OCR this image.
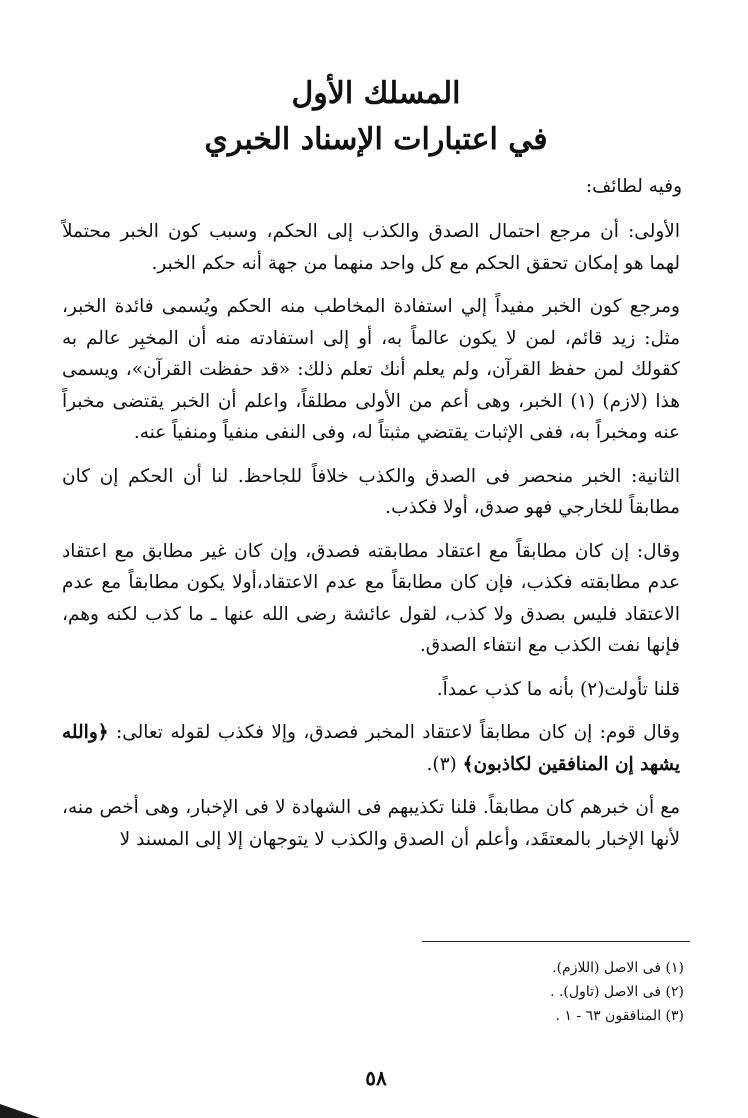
المسلك الأول
في اعتبارات الإسناد الخبري

وفيه لطائف:

الأولى: أن مرجع احتمال الصدق والكذب إلى الحكم، وسبب كون الخبر محتملاً لهما هو إمكان تحقق الحكم مع كل واحد منهما من جهة أنه حكم الخبر.

ومرجع كون الخبر مفيداً إلي استفادة المخاطب منه الحكم ويُسمى فائدة الخبر، مثل: زيد قائم، لمن لا يكون عالماً به، أو إلى استفادته منه أن المخبِر عالم به كقولك لمن حفظ القرآن، ولم يعلم أنك تعلم ذلك: «قد حفظت القرآن»، ويسمى هذا (لازم) (١) الخبر، وهى أعم من الأولى مطلقاً، واعلم أن الخبر يقتضى مخبراً عنه ومخبراً به، ففى الإثبات يقتضي مثبتاً له، وفى النفى منفياً ومنفياً عنه.

الثانية: الخبر منحصر فى الصدق والكذب خلافاً للجاحظ. لنا أن الحكم إن كان مطابقاً للخارجي فهو صدق، أولا فكذب.

وقال: إن كان مطابقاً مع اعتقاد مطابقته فصدق، وإن كان غير مطابق مع اعتقاد عدم مطابقته فكذب، فإن كان مطابقاً مع عدم الاعتقاد،أولا يكون مطابقاً مع عدم الاعتقاد فليس بصدق ولا كذب، لقول عائشة رضى الله عنها ـ ما كذب لكنه وهم، فإنها نفت الكذب مع انتفاء الصدق.

قلنا تأولت(٢) بأنه ما كذب عمداً.

وقال قوم: إن كان مطابقاً لاعتقاد المخبر فصدق، وإلا فكذب لقوله تعالى: ﴿والله يشهد إن المنافقين لكاذبون﴾ (٣).

مع أن خبرهم كان مطابقاً. قلنا تكذيبهم فى الشهادة لا فى الإخبار، وهى أخص منه، لأنها الإخبار بالمعتقَد، وأعلم أن الصدق والكذب لا يتوجهان إلا إلى المسند لا

(١) فى الاصل (اللازم).
(٢) فى الاصل (تاول). .
(٣) المنافقون ٦٣ - ١ .
٥٨
